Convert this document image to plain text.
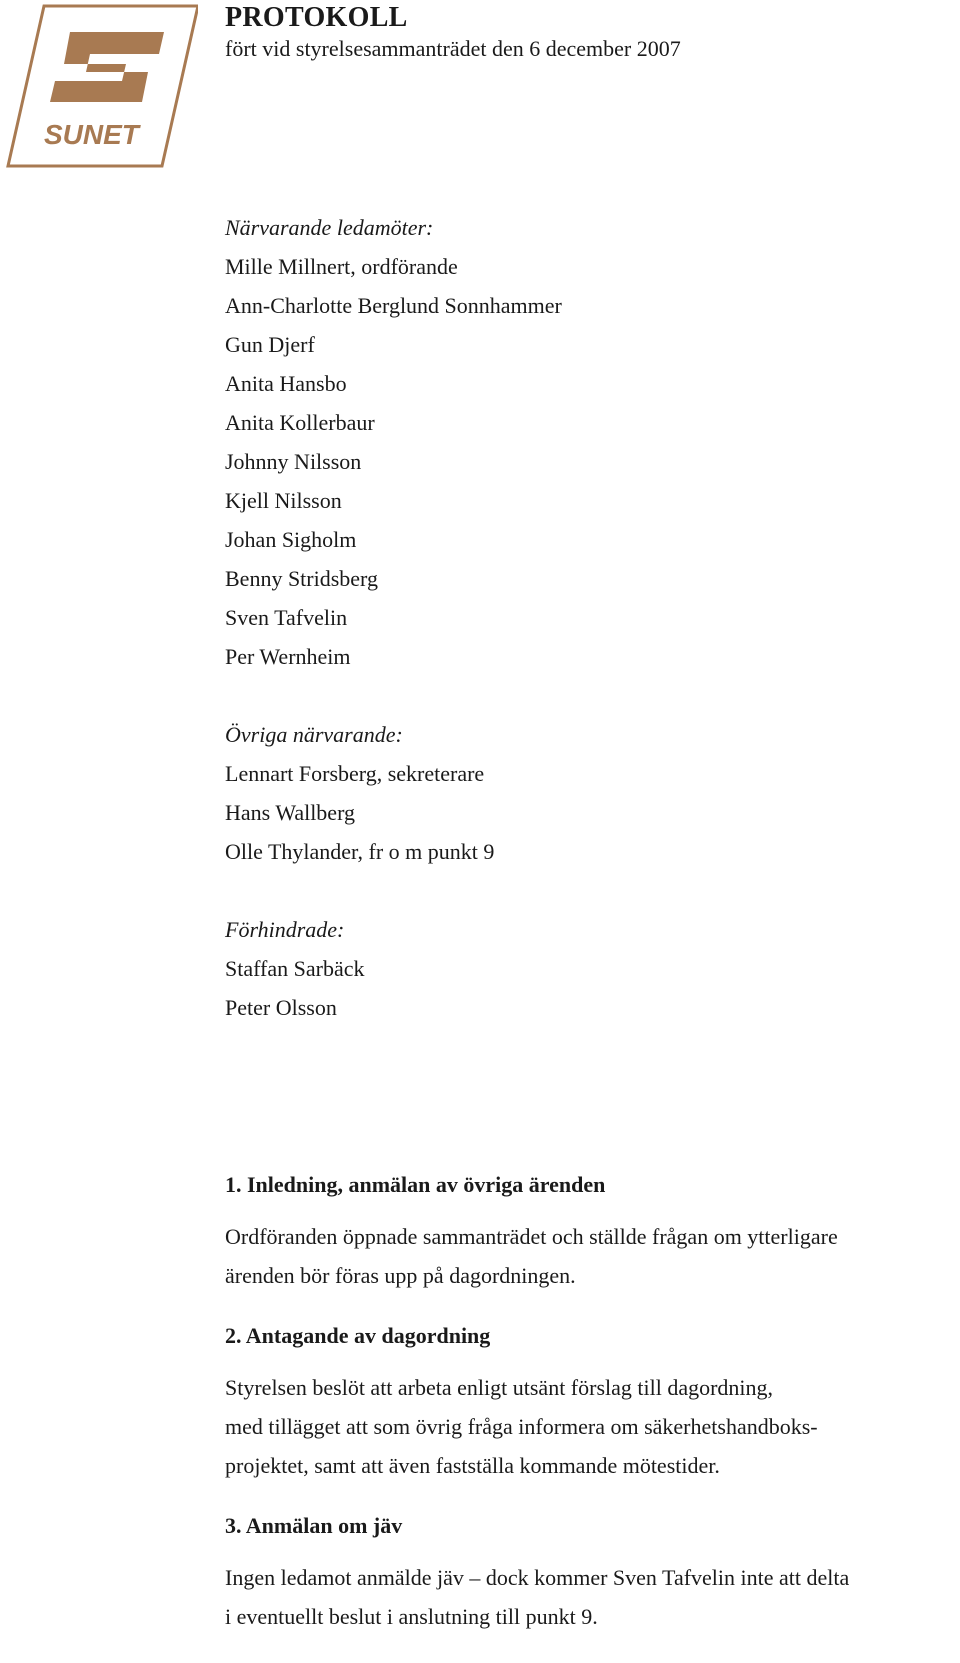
SUNET
PROTOKOLL
fört vid styrelsesammanträdet den 6 december 2007
Närvarande ledamöter:
Mille Millnert, ordförande
Ann-Charlotte Berglund Sonnhammer
Gun Djerf
Anita Hansbo
Anita Kollerbaur
Johnny Nilsson
Kjell Nilsson
Johan Sigholm
Benny Stridsberg
Sven Tafvelin
Per Wernheim
Övriga närvarande:
Lennart Forsberg, sekreterare
Hans Wallberg
Olle Thylander, fr o m punkt 9
Förhindrade:
Staffan Sarbäck
Peter Olsson
1. Inledning, anmälan av övriga ärenden
Ordföranden öppnade sammanträdet och ställde frågan om ytterligare
ärenden bör föras upp på dagordningen.
2. Antagande av dagordning
Styrelsen beslöt att arbeta enligt utsänt förslag till dagordning,
med tillägget att som övrig fråga informera om säkerhetshandboks-
projektet, samt att även fastställa kommande mötestider.
3. Anmälan om jäv
Ingen ledamot anmälde jäv – dock kommer Sven Tafvelin inte att delta
i eventuellt beslut i anslutning till punkt 9.
